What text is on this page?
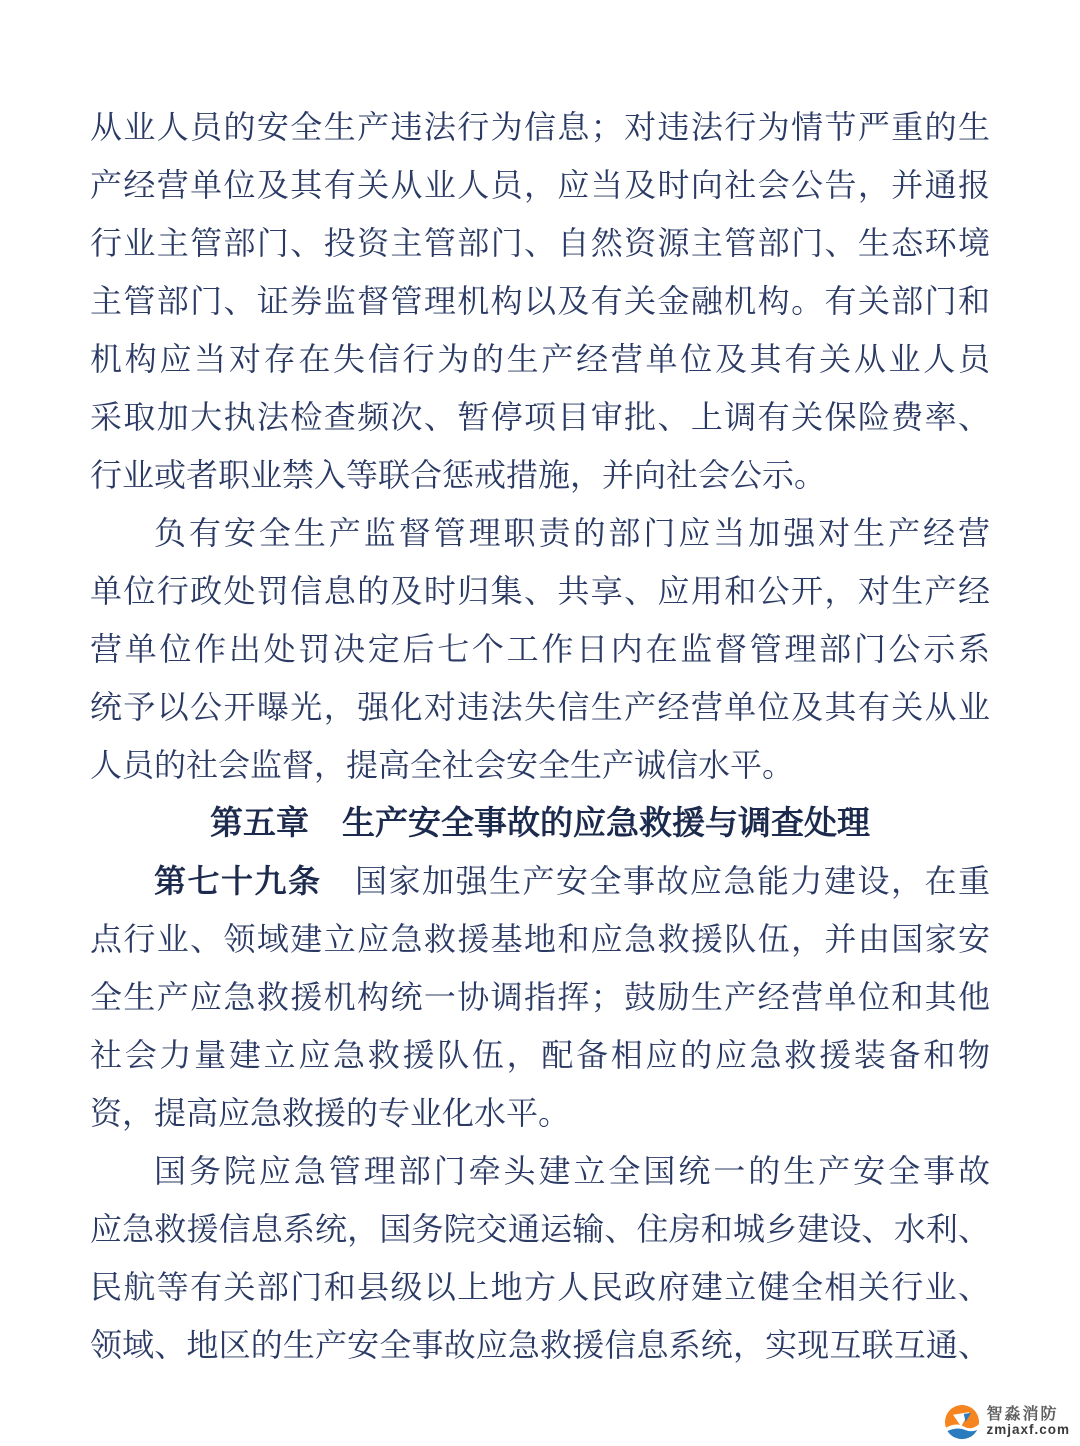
从业人员的安全生产违法行为信息；对违法行为情节严重的生
产经营单位及其有关从业人员，应当及时向社会公告，并通报
行业主管部门、投资主管部门、自然资源主管部门、生态环境
主管部门、证券监督管理机构以及有关金融机构。有关部门和
机构应当对存在失信行为的生产经营单位及其有关从业人员
采取加大执法检查频次、暂停项目审批、上调有关保险费率、
行业或者职业禁入等联合惩戒措施，并向社会公示。
负有安全生产监督管理职责的部门应当加强对生产经营
单位行政处罚信息的及时归集、共享、应用和公开，对生产经
营单位作出处罚决定后七个工作日内在监督管理部门公示系
统予以公开曝光，强化对违法失信生产经营单位及其有关从业
人员的社会监督，提高全社会安全生产诚信水平。
第五章　生产安全事故的应急救援与调查处理
第七十九条　国家加强生产安全事故应急能力建设，在重
点行业、领域建立应急救援基地和应急救援队伍，并由国家安
全生产应急救援机构统一协调指挥；鼓励生产经营单位和其他
社会力量建立应急救援队伍，配备相应的应急救援装备和物
资，提高应急救援的专业化水平。
国务院应急管理部门牵头建立全国统一的生产安全事故
应急救援信息系统，国务院交通运输、住房和城乡建设、水利、
民航等有关部门和县级以上地方人民政府建立健全相关行业、
领域、地区的生产安全事故应急救援信息系统，实现互联互通、
智淼消防
zmjaxf.com
